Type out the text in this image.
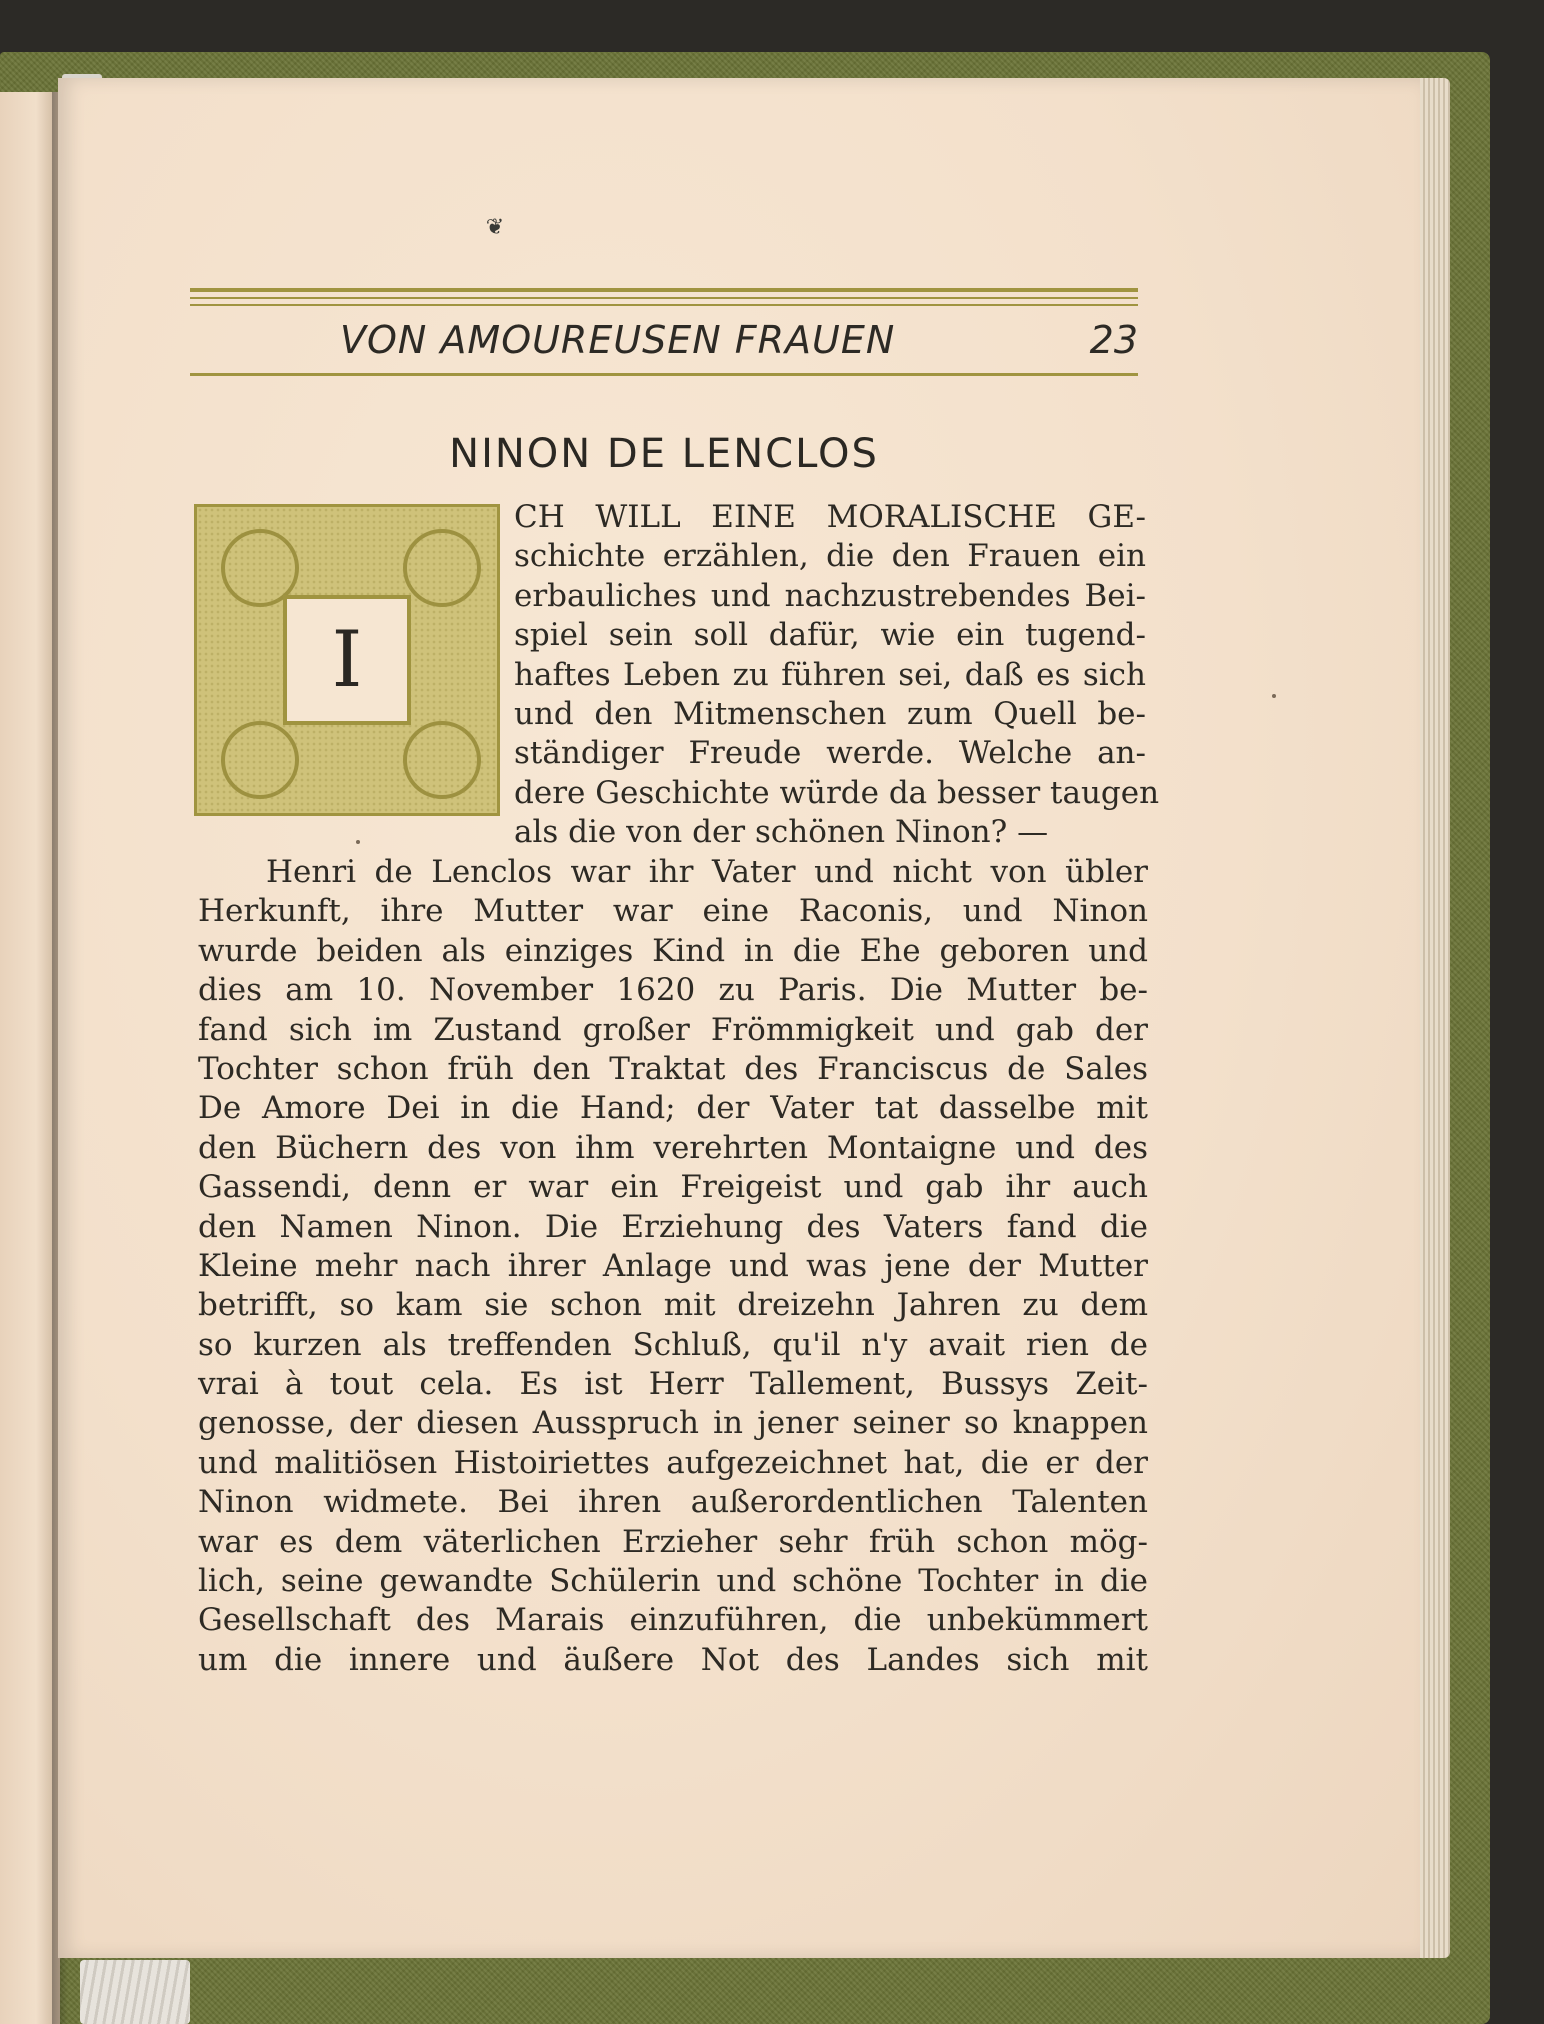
❦
VON AMOUREUSEN FRAUEN	23
NINON DE LENCLOS
I
CH WILL EINE MORALISCHE GE-
schichte erzählen, die den Frauen ein
erbauliches und nachzustrebendes Bei-
spiel sein soll dafür, wie ein tugend-
haftes Leben zu führen sei, daß es sich
und den Mitmenschen zum Quell be-
ständiger Freude werde. Welche an-
dere Geschichte würde da besser taugen
als die von der schönen Ninon? —
Henri de Lenclos war ihr Vater und nicht von übler
Herkunft, ihre Mutter war eine Raconis, und Ninon
wurde beiden als einziges Kind in die Ehe geboren und
dies am 10. November 1620 zu Paris. Die Mutter be-
fand sich im Zustand großer Frömmigkeit und gab der
Tochter schon früh den Traktat des Franciscus de Sales
De Amore Dei in die Hand; der Vater tat dasselbe mit
den Büchern des von ihm verehrten Montaigne und des
Gassendi, denn er war ein Freigeist und gab ihr auch
den Namen Ninon. Die Erziehung des Vaters fand die
Kleine mehr nach ihrer Anlage und was jene der Mutter
betrifft, so kam sie schon mit dreizehn Jahren zu dem
so kurzen als treffenden Schluß, qu'il n'y avait rien de
vrai à tout cela. Es ist Herr Tallement, Bussys Zeit-
genosse, der diesen Ausspruch in jener seiner so knappen
und malitiösen Histoiriettes aufgezeichnet hat, die er der
Ninon widmete. Bei ihren außerordentlichen Talenten
war es dem väterlichen Erzieher sehr früh schon mög-
lich, seine gewandte Schülerin und schöne Tochter in die
Gesellschaft des Marais einzuführen, die unbekümmert
um die innere und äußere Not des Landes sich mit
